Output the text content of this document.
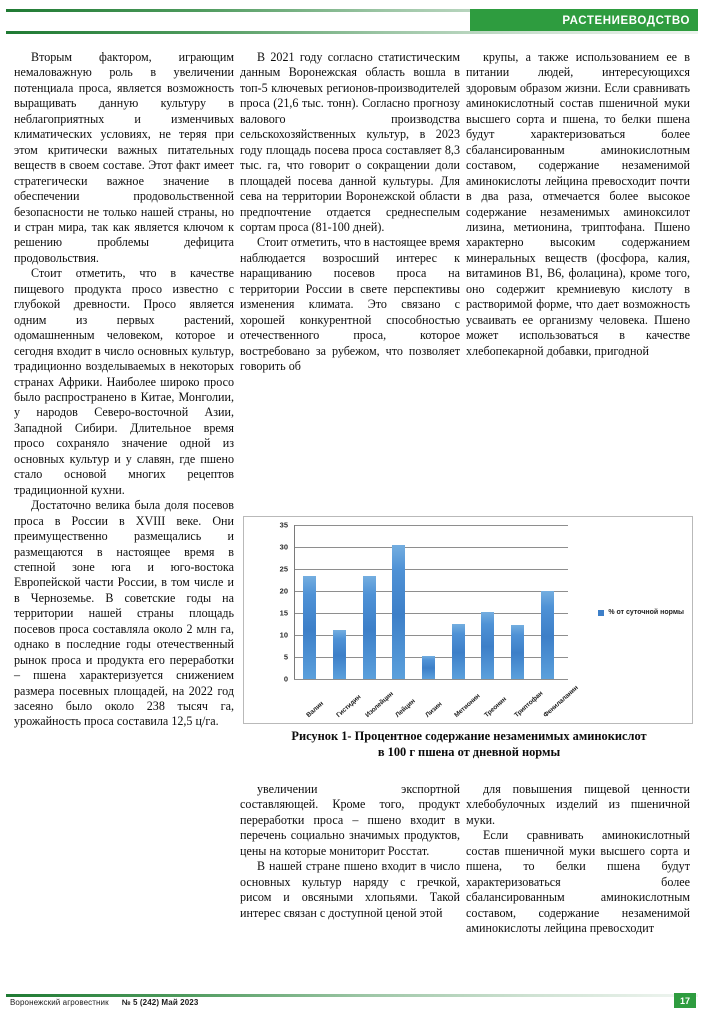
РАСТЕНИЕВОДСТВО

Вторым фактором, играющим немаловажную роль в увеличении потенциала проса, является возможность выращивать данную культуру в неблагоприятных и изменчивых климатических условиях, не теряя при этом критически важных питательных веществ в своем составе. Этот факт имеет стратегически важное значение в обеспечении продовольственной безопасности не только нашей страны, но и стран мира, так как является ключом к решению проблемы дефицита продовольствия.

Стоит отметить, что в качестве пищевого продукта просо известно с глубокой древности. Просо является одним из первых растений, одомашненным человеком, которое и сегодня входит в число основных культур, традиционно возделываемых в некоторых странах Африки. Наиболее широко просо было распространено в Китае, Монголии, у народов Северо-восточной Азии, Западной Сибири. Длительное время просо сохраняло значение одной из основных культур и у славян, где пшено стало основой многих рецептов традиционной кухни.

Достаточно велика была доля посевов проса в России в XVIII веке. Они преимущественно размещались и размещаются в настоящее время в степной зоне юга и юго-востока Европейской части России, в том числе и в Черноземье. В советские годы на территории нашей страны площадь посевов проса составляла около 2 млн га, однако в последние годы отечественный рынок проса и продукта его переработки – пшена характеризуется снижением размера посевных площадей, на 2022 год засеяно было около 238 тысяч га, урожайность проса составила 12,5 ц/га.

В 2021 году согласно статистическим данным Воронежская область вошла в топ-5 ключевых регионов-производителей проса (21,6 тыс. тонн). Согласно прогнозу валового производства сельскохозяйственных культур, в 2023 году площадь посева проса составляет 8,3 тыс. га, что говорит о сокращении доли площадей посева данной культуры. Для сева на территории Воронежской области предпочтение отдается среднеспелым сортам проса (81-100 дней).

Стоит отметить, что в настоящее время наблюдается возросший интерес к наращиванию посевов проса на территории России в свете перспективы изменения климата. Это связано с хорошей конкурентной способностью отечественного проса, которое востребовано за рубежом, что позволяет говорить об

крупы, а также использованием ее в питании людей, интересующихся здоровым образом жизни. Если сравнивать аминокислотный состав пшеничной муки высшего сорта и пшена, то белки пшена будут характеризоваться более сбалансированным аминокислотным составом, содержание незаменимой аминокислоты лейцина превосходит почти в два раза, отмечается более высокое содержание незаменимых аминоксилот лизина, метионина, триптофана. Пшено характерно высоким содержанием минеральных веществ (фосфора, калия, витаминов В1, В6, фолацина), кроме того, оно содержит кремниевую кислоту в растворимой форме, что дает возможность усваивать ее организму человека. Пшено может использоваться в качестве хлебопекарной добавки, пригодной

0
5
10
15
20
25
30
35
Валин Гистидин Изолейцин Лейцин Лизин Метионин Треонин Триптофан
Фенилаланин
% от суточной нормы
Рисунок 1- Процентное содержание незаменимых аминокислот
в 100 г пшена от дневной нормы

увеличении экспортной составляющей. Кроме того, продукт переработки проса – пшено входит в перечень социально значимых продуктов, цены на которые мониторит Росстат.

В нашей стране пшено входит в число основных культур наряду с гречкой, рисом и овсяными хлопьями. Такой интерес связан с доступной ценой этой

для повышения пищевой ценности хлебобулочных изделий из пшеничной муки.

Если сравнивать аминокислотный состав пшеничной муки высшего сорта и пшена, то белки пшена будут характеризоваться более сбалансированным аминокислотным составом, содержание незаменимой аминокислоты лейцина превосходит

Воронежский агровестник № 5 (242) Май 2023	17
